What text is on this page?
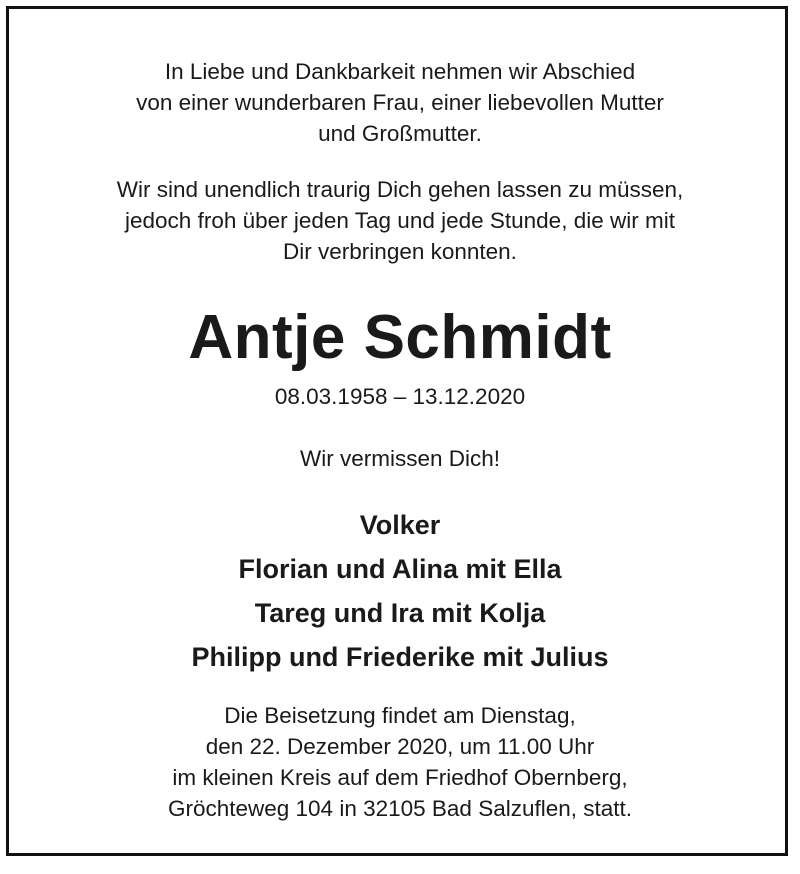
In Liebe und Dankbarkeit nehmen wir Abschied
von einer wunderbaren Frau, einer liebevollen Mutter
und Großmutter.
Wir sind unendlich traurig Dich gehen lassen zu müssen,
jedoch froh über jeden Tag und jede Stunde, die wir mit
Dir verbringen konnten.
Antje Schmidt
08.03.1958 – 13.12.2020
Wir vermissen Dich!
Volker
Florian und Alina mit Ella
Tareg und Ira mit Kolja
Philipp und Friederike mit Julius
Die Beisetzung findet am Dienstag,
den 22. Dezember 2020, um 11.00 Uhr
im kleinen Kreis auf dem Friedhof Obernberg,
Gröchteweg 104 in 32105 Bad Salzuflen, statt.
